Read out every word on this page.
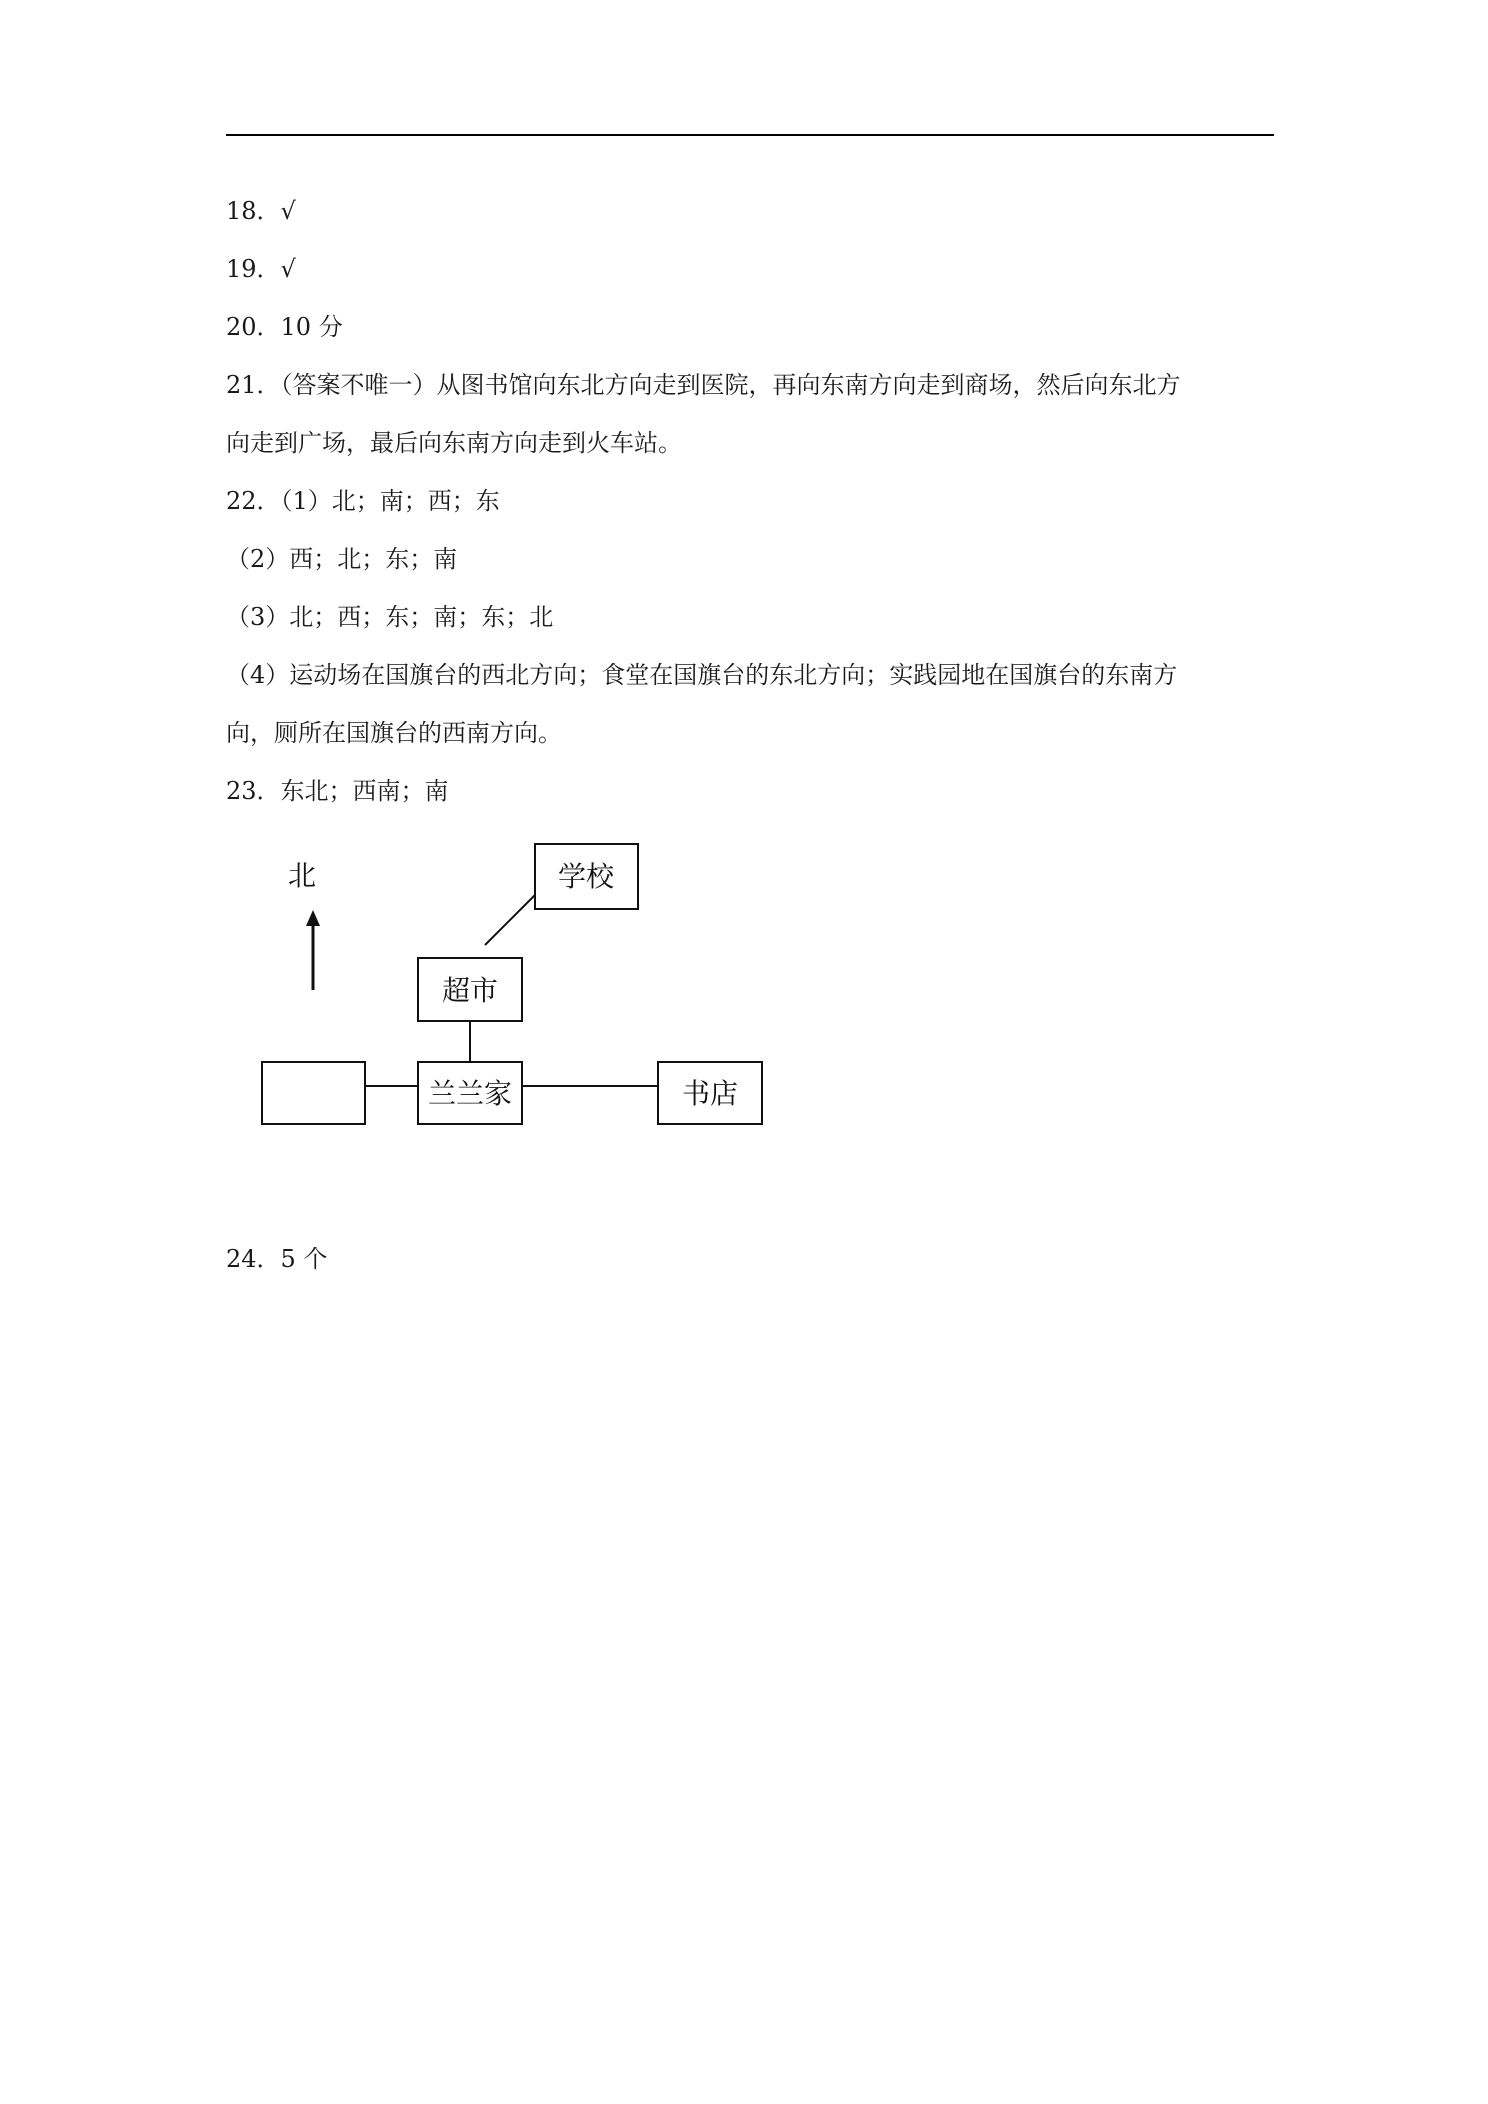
18．√
19．√
20．10 分
21．（答案不唯一）从图书馆向东北方向走到医院，再向东南方向走到商场，然后向东北方
向走到广场，最后向东南方向走到火车站。
22．（1）北；南；西；东
（2）西；北；东；南
（3）北；西；东；南；东；北
（4）运动场在国旗台的西北方向；食堂在国旗台的东北方向；实践园地在国旗台的东南方
向，厕所在国旗台的西南方向。
23．东北；西南；南
北	学校
超市
兰兰家	书店
24．5 个
